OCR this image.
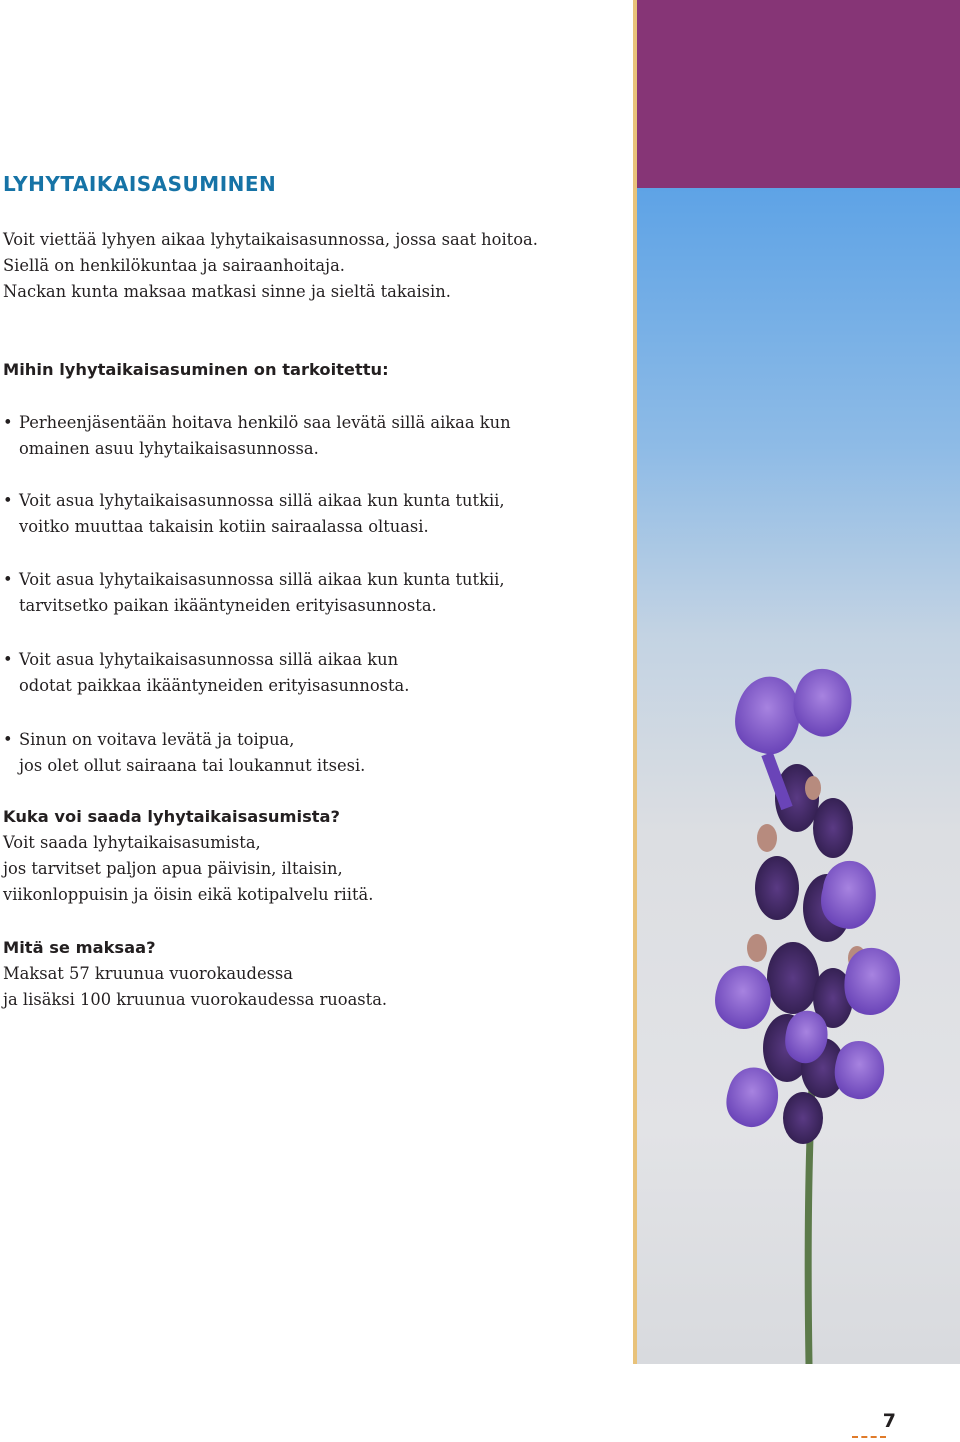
LYHYTAIKAISASUMINEN
Voit viettää lyhyen aikaa lyhytaikaisasunnossa, jossa saat hoitoa.
Siellä on henkilökuntaa ja sairaanhoitaja.
Nackan kunta maksaa matkasi sinne ja sieltä takaisin.
Mihin lyhytaikaisasuminen on tarkoitettu:
• Perheenjäsentään hoitava henkilö saa levätä sillä aikaa kun
omainen asuu lyhytaikaisasunnossa.
• Voit asua lyhytaikaisasunnossa sillä aikaa kun kunta tutkii,
voitko muuttaa takaisin kotiin sairaalassa oltuasi.
• Voit asua lyhytaikaisasunnossa sillä aikaa kun kunta tutkii,
tarvitsetko paikan ikääntyneiden erityisasunnosta.
• Voit asua lyhytaikaisasunnossa sillä aikaa kun
odotat paikkaa ikääntyneiden erityisasunnosta.
• Sinun on voitava levätä ja toipua,
jos olet ollut sairaana tai loukannut itsesi.
Kuka voi saada lyhytaikaisasumista?
Voit saada lyhytaikaisasumista,
jos tarvitset paljon apua päivisin, iltaisin,
viikonloppuisin ja öisin eikä kotipalvelu riitä.
Mitä se maksaa?
Maksat 57 kruunua vuorokaudessa
ja lisäksi 100 kruunua vuorokaudessa ruoasta.
7
